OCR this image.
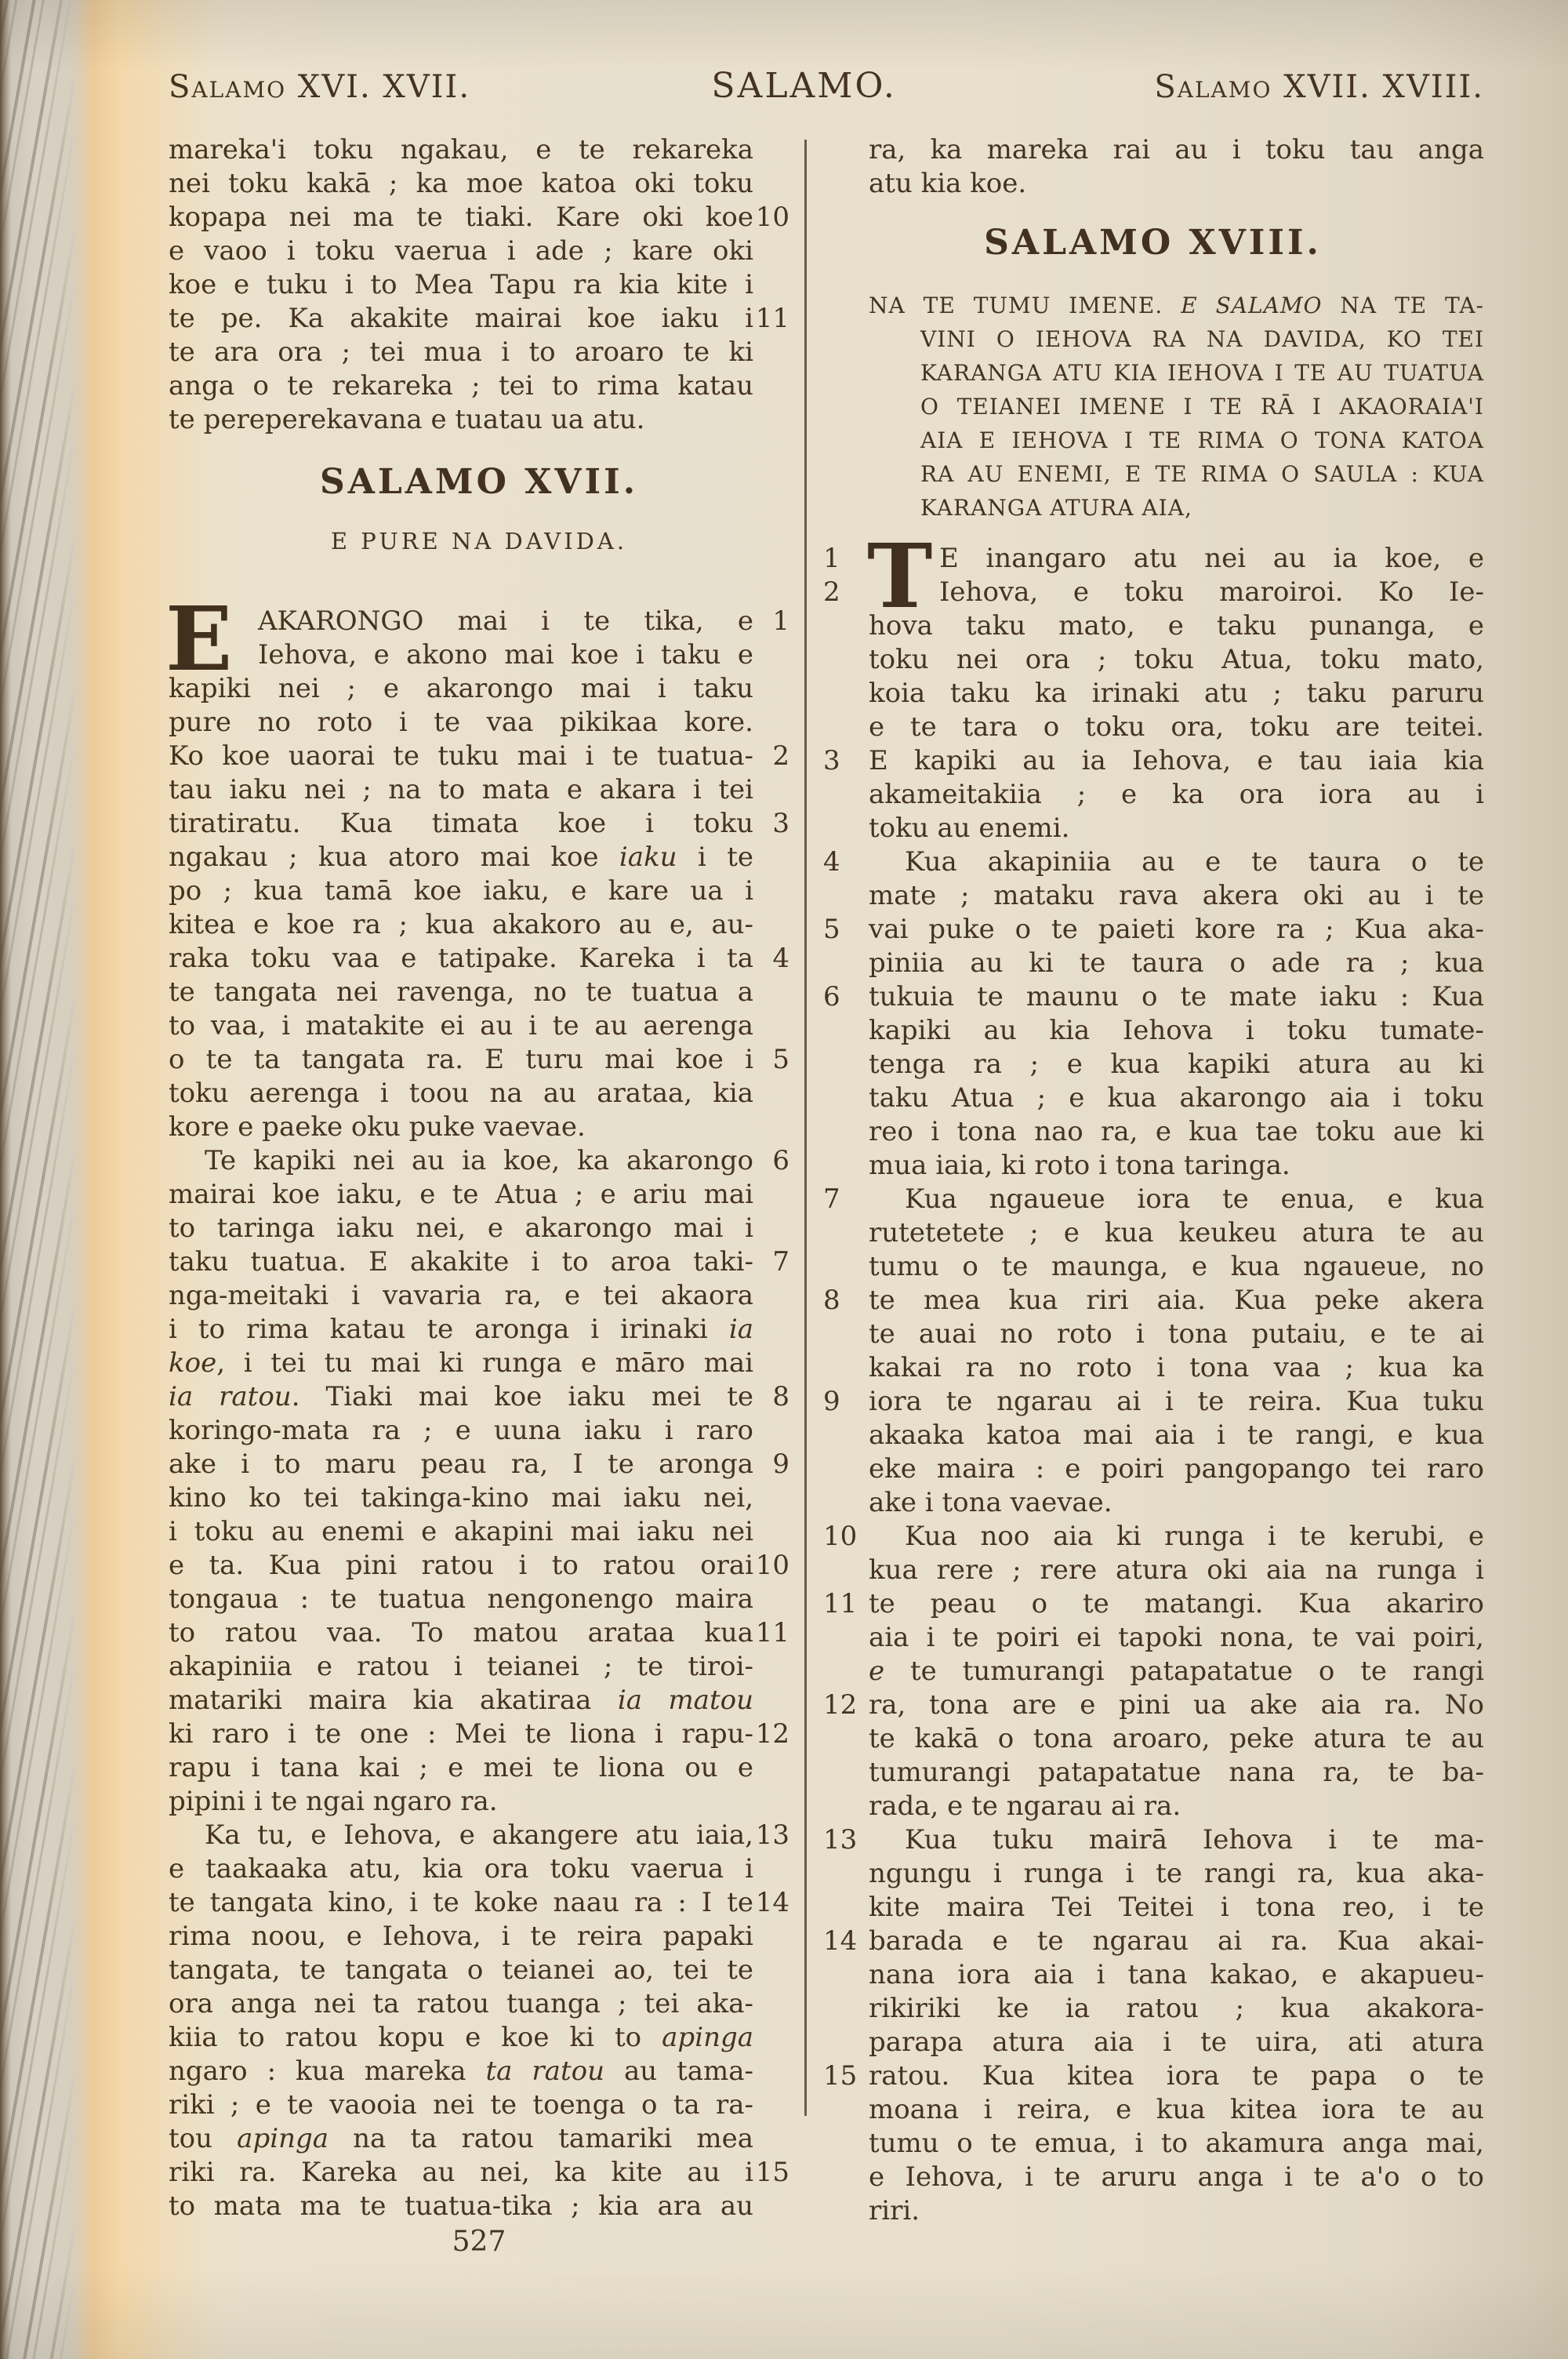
Salamo XVI. XVII.	SALAMO.	Salamo XVII. XVIII.
mareka'i toku ngakau, e te rekareka
nei toku kakā ; ka moe katoa oki toku
kopapa nei ma te tiaki. Kare oki koe 10
e vaoo i toku vaerua i ade ; kare oki
koe e tuku i to Mea Tapu ra kia kite i
te pe. Ka akakite mairai koe iaku i 11
te ara ora ; tei mua i to aroaro te ki
anga o te rekareka ; tei to rima katau
te pereperekavana e tuatau ua atu.
SALAMO XVII.
E PURE NA DAVIDA.
E AKARONGO mai i te tika, e 1
Iehova, e akono mai koe i taku e
kapiki nei ; e akarongo mai i taku
pure no roto i te vaa pikikaa kore.
Ko koe uaorai te tuku mai i te tuatua- 2
tau iaku nei ; na to mata e akara i tei
tiratiratu. Kua timata koe i toku 3
ngakau ; kua atoro mai koe iaku i te
po ; kua tamā koe iaku, e kare ua i
kitea e koe ra ; kua akakoro au e, au-
raka toku vaa e tatipake. Kareka i ta 4
te tangata nei ravenga, no te tuatua a
to vaa, i matakite ei au i te au aerenga
o te ta tangata ra. E turu mai koe i 5
toku aerenga i toou na au arataa, kia
kore e paeke oku puke vaevae.
Te kapiki nei au ia koe, ka akarongo 6
mairai koe iaku, e te Atua ; e ariu mai
to taringa iaku nei, e akarongo mai i
taku tuatua. E akakite i to aroa taki- 7
nga-meitaki i vavaria ra, e tei akaora
i to rima katau te aronga i irinaki ia
koe, i tei tu mai ki runga e māro mai
ia ratou. Tiaki mai koe iaku mei te 8
koringo-mata ra ; e uuna iaku i raro
ake i to maru peau ra, I te aronga 9
kino ko tei takinga-kino mai iaku nei,
i toku au enemi e akapini mai iaku nei
e ta. Kua pini ratou i to ratou orai 10
tongaua : te tuatua nengonengo maira
to ratou vaa. To matou arataa kua 11
akapiniia e ratou i teianei ; te tiroi-
matariki maira kia akatiraa ia matou
ki raro i te one : Mei te liona i rapu- 12
rapu i tana kai ; e mei te liona ou e
pipini i te ngai ngaro ra.
Ka tu, e Iehova, e akangere atu iaia, 13
e taakaaka atu, kia ora toku vaerua i
te tangata kino, i te koke naau ra : I te 14
rima noou, e Iehova, i te reira papaki
tangata, te tangata o teianei ao, tei te
ora anga nei ta ratou tuanga ; tei aka-
kiia to ratou kopu e koe ki to apinga
ngaro : kua mareka ta ratou au tama-
riki ; e te vaooia nei te toenga o ta ra-
tou apinga na ta ratou tamariki mea
riki ra. Kareka au nei, ka kite au i 15
to mata ma te tuatua-tika ; kia ara au
527
ra, ka mareka rai au i toku tau anga
atu kia koe.
SALAMO XVIII.
NA TE TUMU IMENE. E SALAMO NA TE TA-
VINI O IEHOVA RA NA DAVIDA, KO TEI
KARANGA ATU KIA IEHOVA I TE AU TUATUA
O TEIANEI IMENE I TE RĀ I AKAORAIA'I
AIA E IEHOVA I TE RIMA O TONA KATOA
RA AU ENEMI, E TE RIMA O SAULA : KUA
KARANGA ATURA AIA,
T
1	E inangaro atu nei au ia koe, e
2	Iehova, e toku maroiroi. Ko Ie-
hova taku mato, e taku punanga, e
toku nei ora ; toku Atua, toku mato,
koia taku ka irinaki atu ; taku paruru
e te tara o toku ora, toku are teitei.
3	E kapiki au ia Iehova, e tau iaia kia
akameitakiia ; e ka ora iora au i
toku au enemi.
4	Kua akapiniia au e te taura o te
mate ; mataku rava akera oki au i te
5	vai puke o te paieti kore ra ; Kua aka-
piniia au ki te taura o ade ra ; kua
6	tukuia te maunu o te mate iaku : Kua
kapiki au kia Iehova i toku tumate-
tenga ra ; e kua kapiki atura au ki
taku Atua ; e kua akarongo aia i toku
reo i tona nao ra, e kua tae toku aue ki
mua iaia, ki roto i tona taringa.
7	Kua ngaueue iora te enua, e kua
rutetetete ; e kua keukeu atura te au
tumu o te maunga, e kua ngaueue, no
8	te mea kua riri aia. Kua peke akera
te auai no roto i tona putaiu, e te ai
kakai ra no roto i tona vaa ; kua ka
9	iora te ngarau ai i te reira. Kua tuku
akaaka katoa mai aia i te rangi, e kua
eke maira : e poiri pangopango tei raro
ake i tona vaevae.
10	Kua noo aia ki runga i te kerubi, e
kua rere ; rere atura oki aia na runga i
11 te peau o te matangi. Kua akariro
aia i te poiri ei tapoki nona, te vai poiri,
e te tumurangi patapatatue o te rangi
12 ra, tona are e pini ua ake aia ra. No
te kakā o tona aroaro, peke atura te au
tumurangi patapatatue nana ra, te ba-
rada, e te ngarau ai ra.
13	Kua tuku mairā Iehova i te ma-
ngungu i runga i te rangi ra, kua aka-
kite maira Tei Teitei i tona reo, i te
14 barada e te ngarau ai ra. Kua akai-
nana iora aia i tana kakao, e akapueu-
rikiriki ke ia ratou ; kua akakora-
parapa atura aia i te uira, ati atura
15 ratou. Kua kitea iora te papa o te
moana i reira, e kua kitea iora te au
tumu o te emua, i to akamura anga mai,
e Iehova, i te aruru anga i te a'o o to
riri.
